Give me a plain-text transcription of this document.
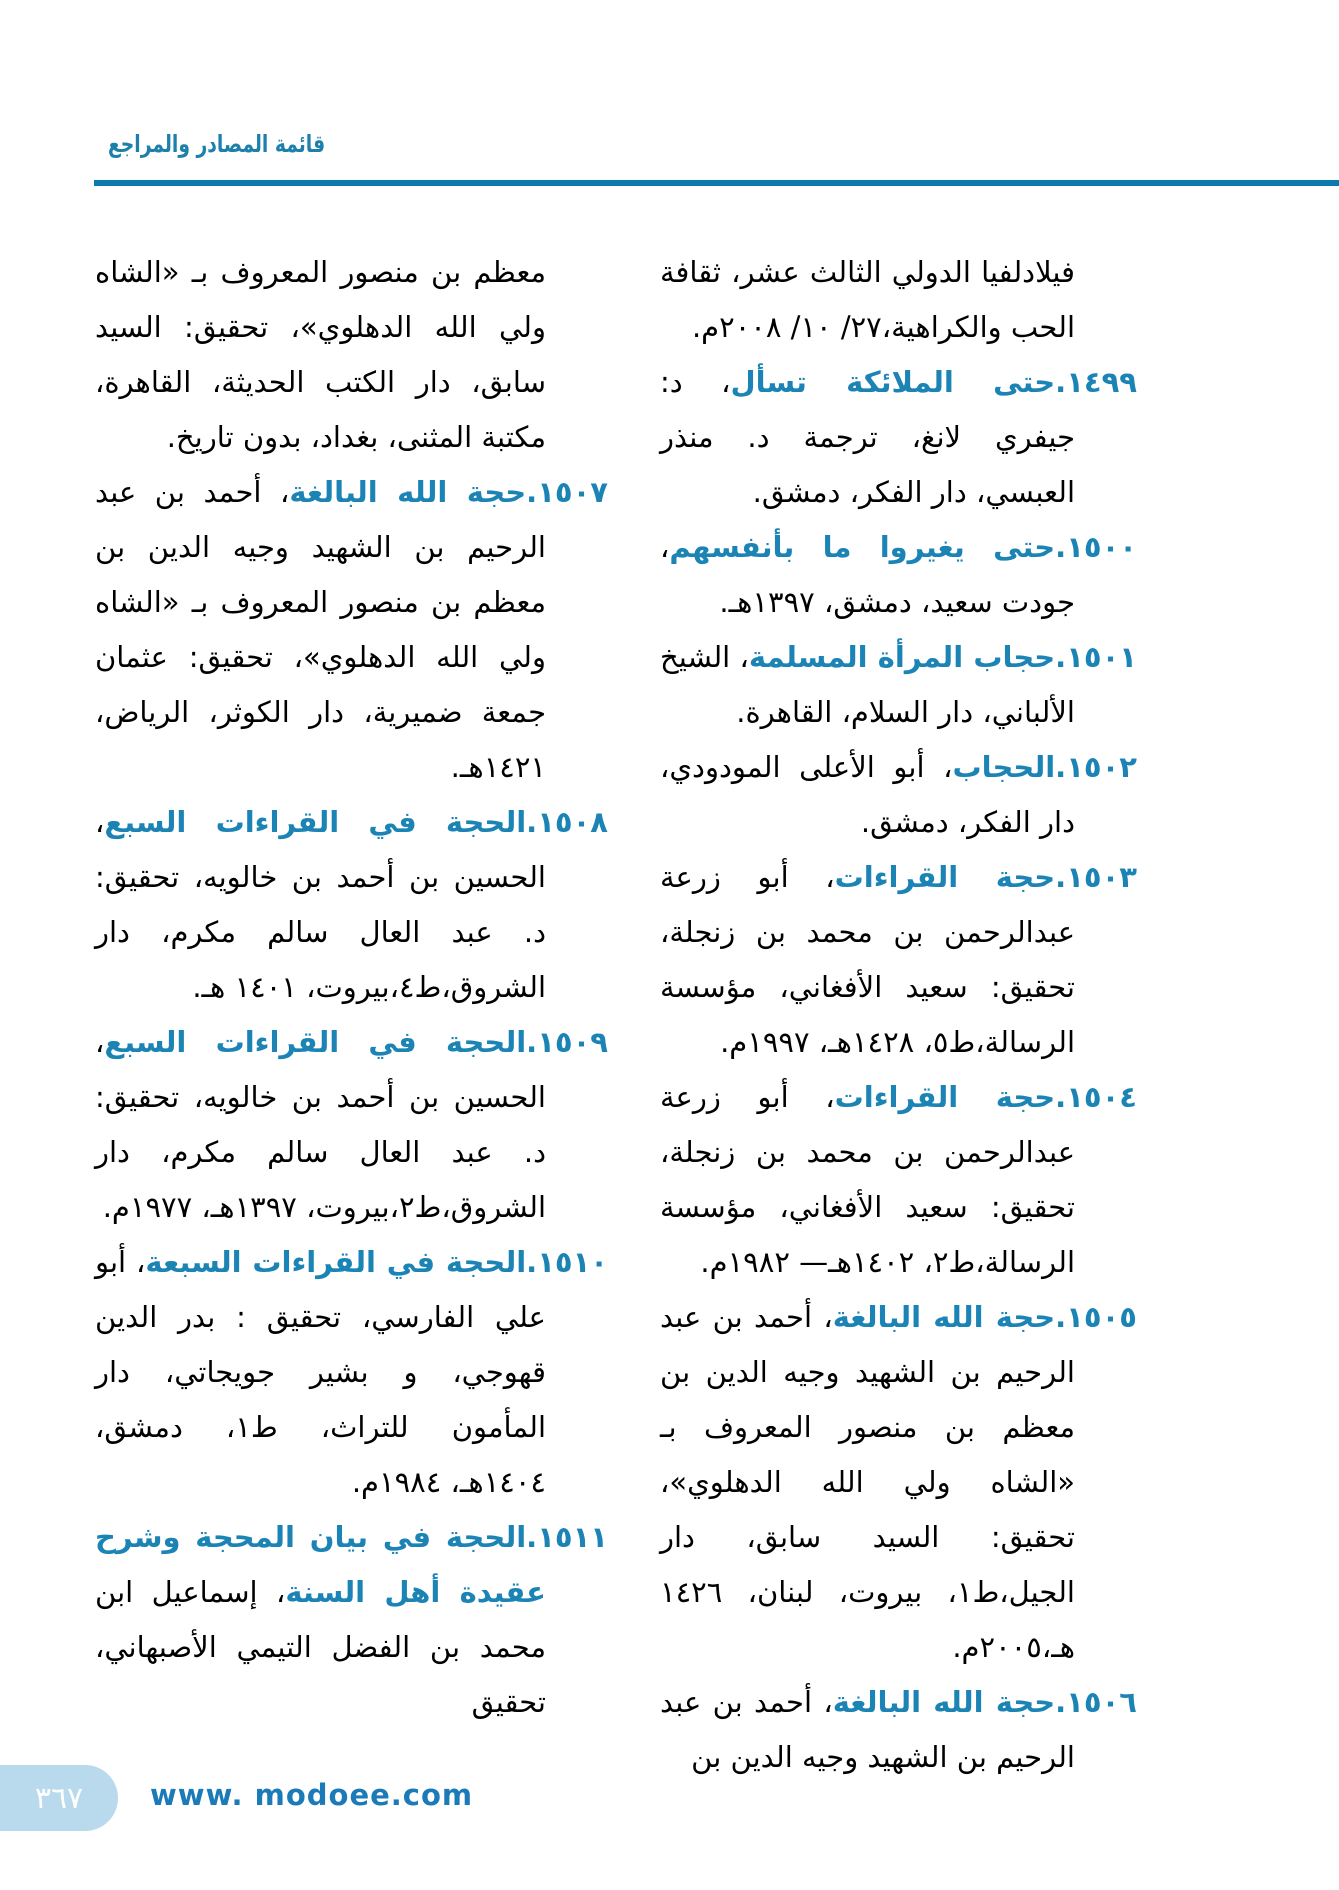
قائمة المصادر والمراجع

فيلادلفيا الدولي الثالث عشر، ثقافة الحب والكراهية،٢٧/ ١٠/ ٢٠٠٨م.

١٤٩٩.حتى الملائكة تسأل، د: جيفري لانغ، ترجمة د. منذر العبسي، دار الفكر، دمشق.

١٥٠٠.حتى يغيروا ما بأنفسهم، جودت سعيد، دمشق، ١٣٩٧هـ.

١٥٠١.حجاب المرأة المسلمة، الشيخ الألباني، دار السلام، القاهرة.

١٥٠٢.الحجاب، أبو الأعلى المودودي، دار الفكر، دمشق.

١٥٠٣.حجة القراءات، أبو زرعة عبدالرحمن بن محمد بن زنجلة، تحقيق: سعيد الأفغاني، مؤسسة الرسالة،ط٥، ١٤٢٨هـ، ١٩٩٧م.

١٥٠٤.حجة القراءات، أبو زرعة عبدالرحمن بن محمد بن زنجلة، تحقيق: سعيد الأفغاني، مؤسسة الرسالة،ط٢، ١٤٠٢هـ— ١٩٨٢م.

١٥٠٥.حجة الله البالغة، أحمد بن عبد الرحيم بن الشهيد وجيه الدين بن معظم بن منصور المعروف بـ «الشاه ولي الله الدهلوي»، تحقيق: السيد سابق، دار الجيل،ط١، بيروت، لبنان، ١٤٢٦ هـ،٢٠٠٥م.

١٥٠٦.حجة الله البالغة، أحمد بن عبد الرحيم بن الشهيد وجيه الدين بن

معظم بن منصور المعروف بـ «الشاه ولي الله الدهلوي»، تحقيق: السيد سابق، دار الكتب الحديثة، القاهرة، مكتبة المثنى، بغداد، بدون تاريخ.

١٥٠٧.حجة الله البالغة، أحمد بن عبد الرحيم بن الشهيد وجيه الدين بن معظم بن منصور المعروف بـ «الشاه ولي الله الدهلوي»، تحقيق: عثمان جمعة ضميرية، دار الكوثر، الرياض، ١٤٢١هـ.

١٥٠٨.الحجة في القراءات السبع، الحسين بن أحمد بن خالويه، تحقيق: د. عبد العال سالم مكرم، دار الشروق،ط٤،بيروت، ١٤٠١ هـ.

١٥٠٩.الحجة في القراءات السبع، الحسين بن أحمد بن خالويه، تحقيق: د. عبد العال سالم مكرم، دار الشروق،ط٢،بيروت، ١٣٩٧هـ، ١٩٧٧م.

١٥١٠.الحجة في القراءات السبعة، أبو علي الفارسي، تحقيق : بدر الدين قهوجي، و بشير جويجاتي، دار المأمون للتراث، ط١، دمشق، ١٤٠٤هـ، ١٩٨٤م.

١٥١١.الحجة في بيان المحجة وشرح عقيدة أهل السنة، إسماعيل ابن محمد بن الفضل التيمي الأصبهاني، تحقيق

٣٦٧ www. modoee.com
